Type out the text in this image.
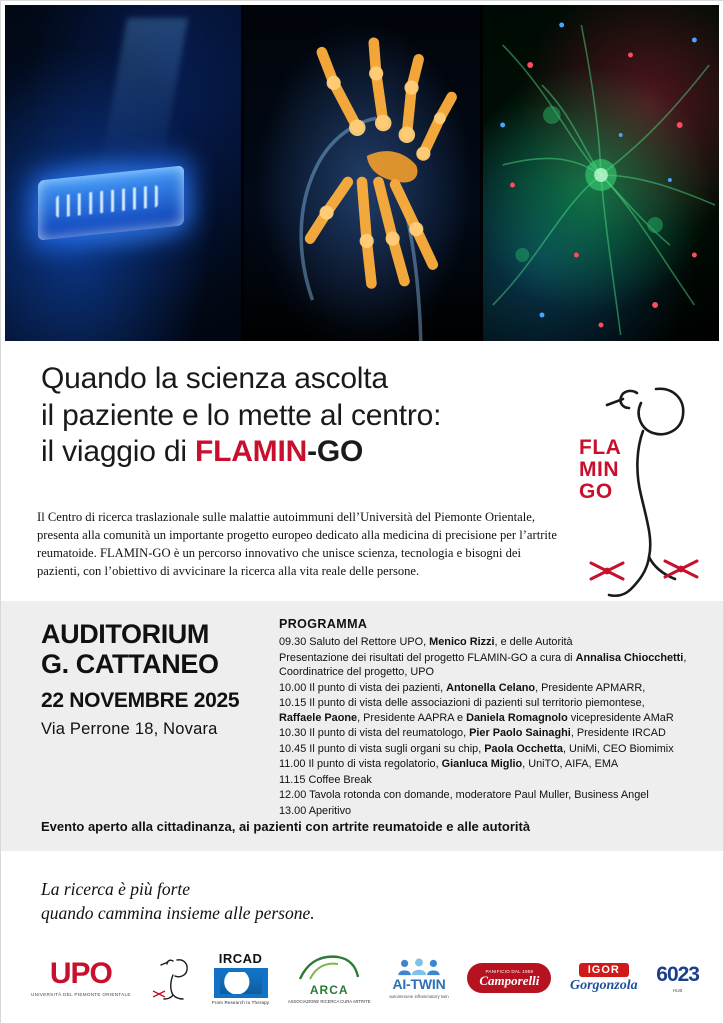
Quando la scienza ascolta
il paziente e lo mette al centro:
il viaggio di FLAMIN-GO
Il Centro di ricerca traslazionale sulle malattie autoimmuni dell’Università del Piemonte Orientale, presenta alla comunità un importante progetto europeo dedicato alla medicina di precisione per l’artrite reumatoide. FLAMIN-GO è un percorso innovativo che unisce scienza, tecnologia e bisogni dei pazienti, con l’obiettivo di avvicinare la ricerca alla vita reale delle persone.
FLA
MIN
GO
AUDITORIUM
G. CATTANEO
22 NOVEMBRE 2025
Via Perrone 18, Novara
PROGRAMMA
09.30 Saluto del Rettore UPO, Menico Rizzi, e delle Autorità
Presentazione dei risultati del progetto FLAMIN-GO a cura di Annalisa Chiocchetti, Coordinatrice del progetto, UPO
10.00 Il punto di vista dei pazienti, Antonella Celano, Presidente APMARR,
10.15 Il punto di vista delle associazioni di pazienti sul territorio piemontese, Raffaele Paone, Presidente AAPRA e Daniela Romagnolo vicepresidente AMaR
10.30 Il punto di vista del reumatologo, Pier Paolo Sainaghi, Presidente IRCAD
10.45 Il punto di vista sugli organi su chip, Paola Occhetta, UniMi, CEO Biomimix
11.00 Il punto di vista regolatorio, Gianluca Miglio, UniTO, AIFA, EMA
11.15 Coffee Break
12.00 Tavola rotonda con domande, moderatore Paul Muller, Business Angel
13.00 Aperitivo
Evento aperto alla cittadinanza, ai pazienti con artrite reumatoide e alle autorità
La ricerca è più forte
quando cammina insieme alle persone.
UPO
UNIVERSITÀ DEL PIEMONTE ORIENTALE
IRCAD
From Research to Therapy
ARCA
ASSOCIAZIONE RICERCA CURA ARTRITE
AI-TWIN
autoimmune inflammatory twin
PANIFICIO DAL 1959
Camporelli
IGOR
Gorgonzola 6023
HUB
